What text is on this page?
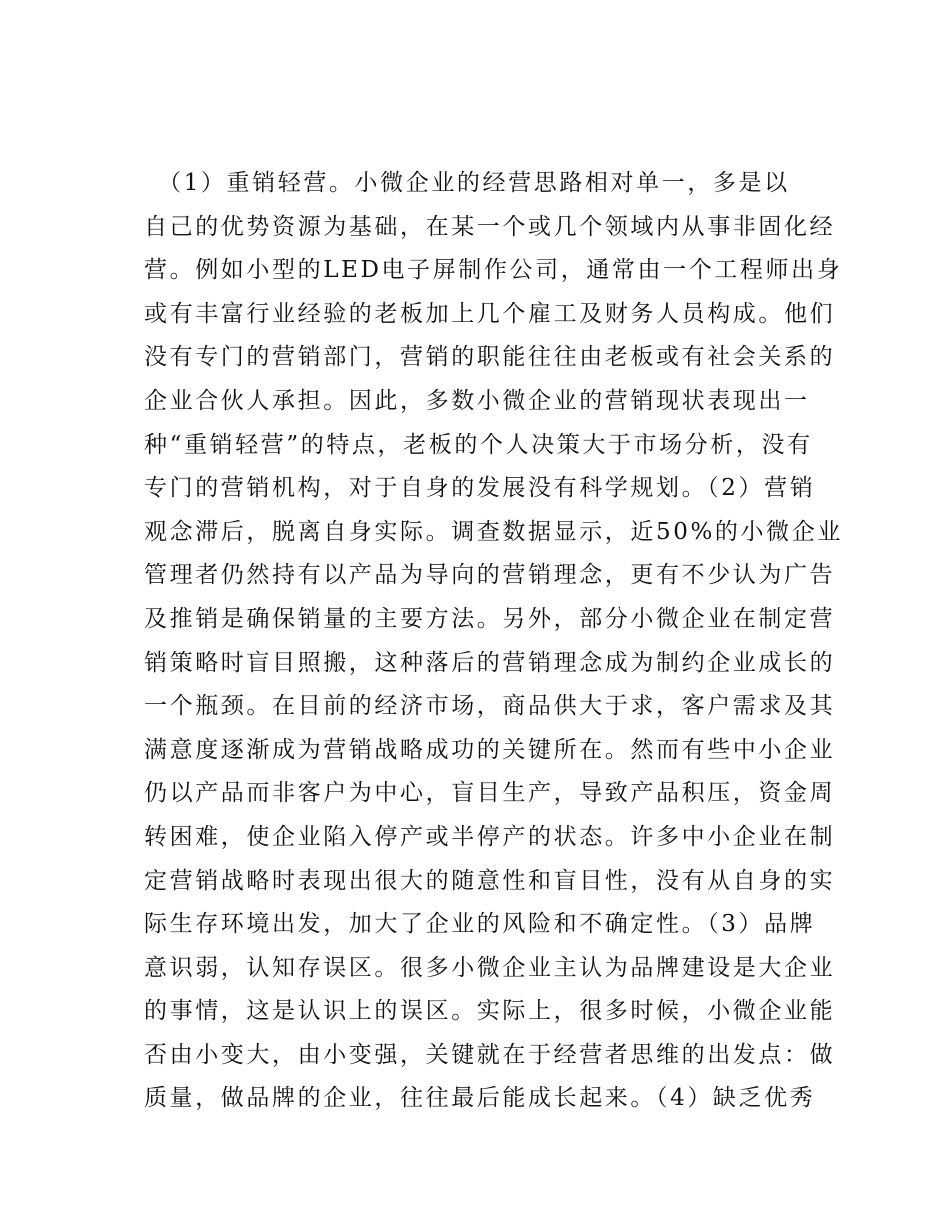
　（1）重销轻营。小微企业的经营思路相对单一，多是以
自己的优势资源为基础，在某一个或几个领域内从事非固化经
营。例如小型的LED电子屏制作公司，通常由一个工程师出身
或有丰富行业经验的老板加上几个雇工及财务人员构成。他们
没有专门的营销部门，营销的职能往往由老板或有社会关系的
企业合伙人承担。因此，多数小微企业的营销现状表现出一
种“重销轻营”的特点，老板的个人决策大于市场分析，没有
专门的营销机构，对于自身的发展没有科学规划。（2）营销
观念滞后，脱离自身实际。调查数据显示，近50%的小微企业
管理者仍然持有以产品为导向的营销理念，更有不少认为广告
及推销是确保销量的主要方法。另外，部分小微企业在制定营
销策略时盲目照搬，这种落后的营销理念成为制约企业成长的
一个瓶颈。在目前的经济市场，商品供大于求，客户需求及其
满意度逐渐成为营销战略成功的关键所在。然而有些中小企业
仍以产品而非客户为中心，盲目生产，导致产品积压，资金周
转困难，使企业陷入停产或半停产的状态。许多中小企业在制
定营销战略时表现出很大的随意性和盲目性，没有从自身的实
际生存环境出发，加大了企业的风险和不确定性。（3）品牌
意识弱，认知存误区。很多小微企业主认为品牌建设是大企业
的事情，这是认识上的误区。实际上，很多时候，小微企业能
否由小变大，由小变强，关键就在于经营者思维的出发点：做
质量，做品牌的企业，往往最后能成长起来。（4）缺乏优秀
